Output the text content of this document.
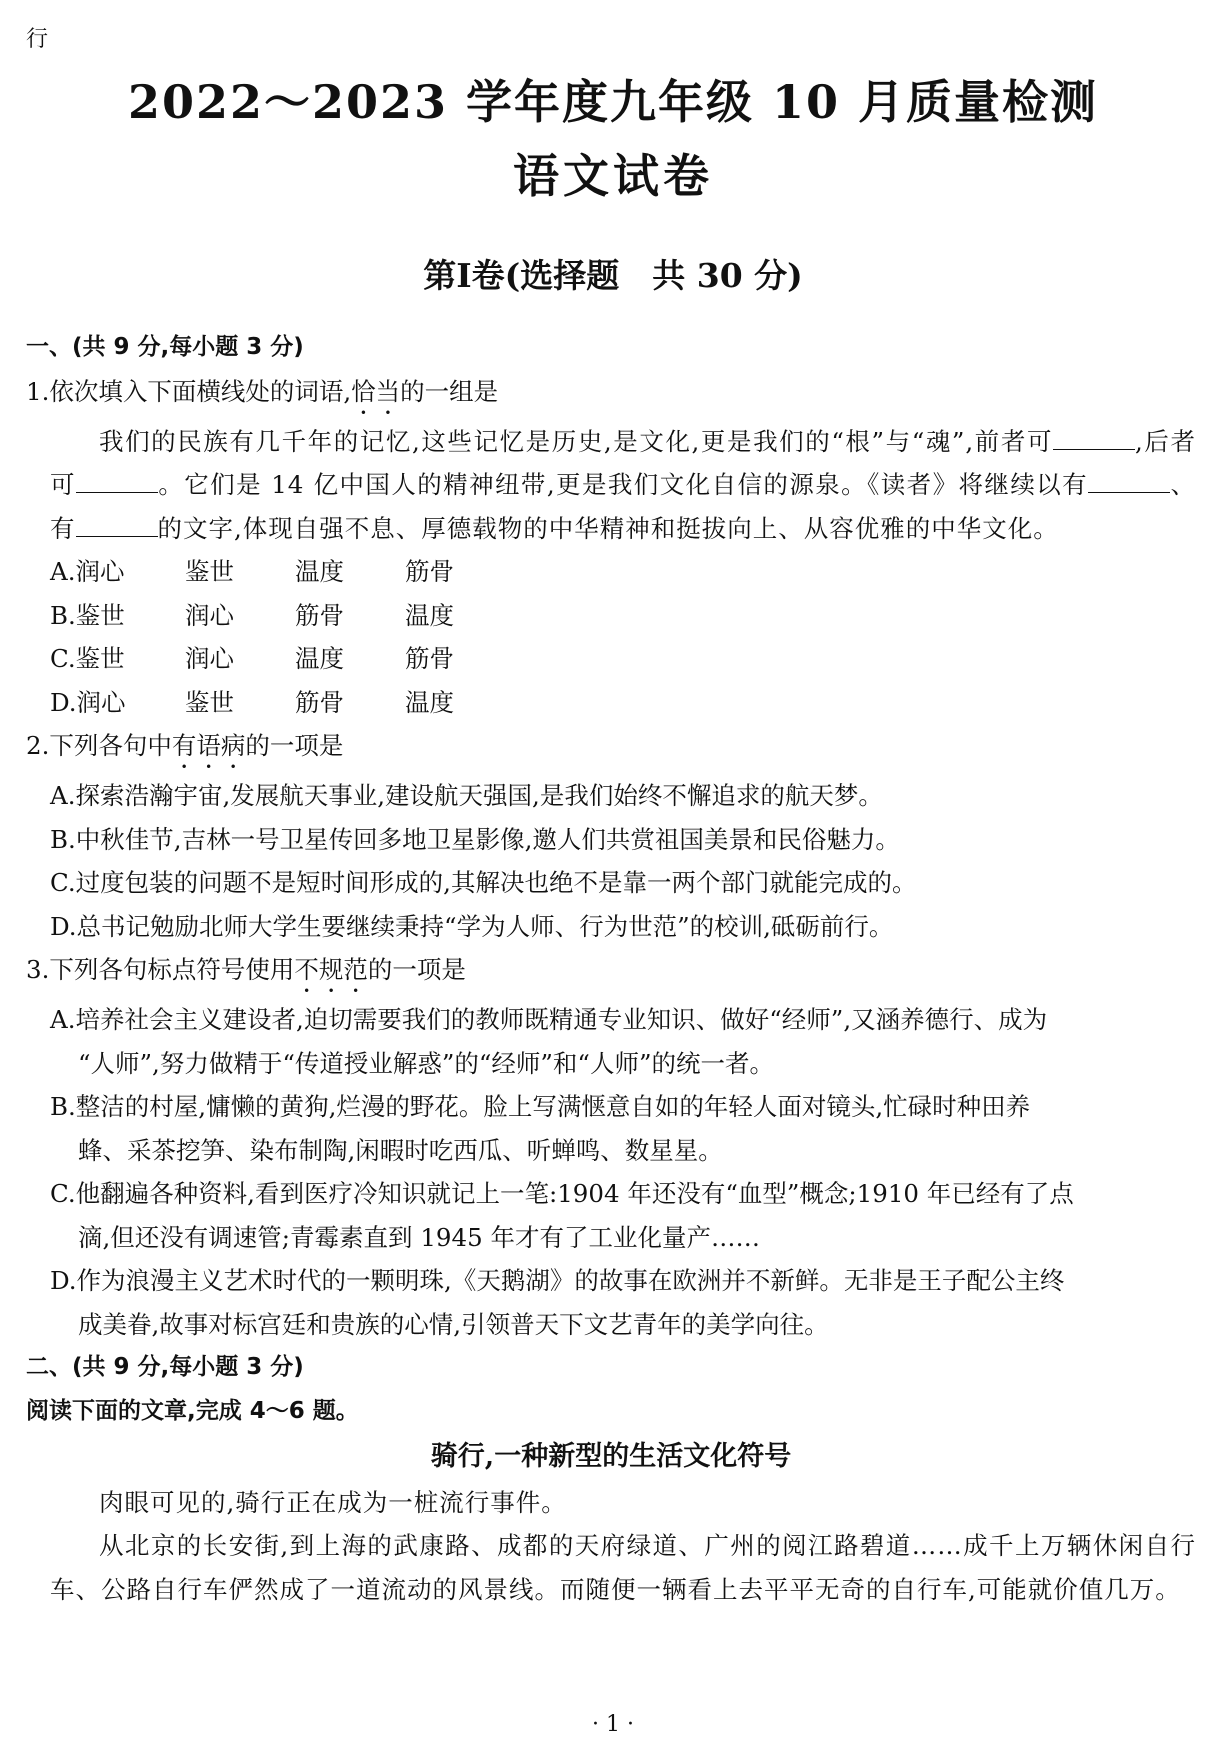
行
2022～2023 学年度九年级 10 月质量检测
语文试卷
第Ⅰ卷(选择题　共 30 分)
一、(共 9 分,每小题 3 分)
1.依次填入下面横线处的词语,恰当的一组是
我们的民族有几千年的记忆,这些记忆是历史,是文化,更是我们的“根”与“魂”,前者可	,后者可	。它们是 14 亿中国人的精神纽带,更是我们文化自信的源泉。《读者》将继续以有	、有	的文字,体现自强不息、厚德载物的中华精神和挺拔向上、从容优雅的中华文化。
A.润心	鉴世	温度	筋骨
B.鉴世	润心	筋骨	温度
C.鉴世	润心	温度	筋骨
D.润心	鉴世	筋骨	温度
2.下列各句中有语病的一项是
A.探索浩瀚宇宙,发展航天事业,建设航天强国,是我们始终不懈追求的航天梦。
B.中秋佳节,吉林一号卫星传回多地卫星影像,邀人们共赏祖国美景和民俗魅力。
C.过度包装的问题不是短时间形成的,其解决也绝不是靠一两个部门就能完成的。
D.总书记勉励北师大学生要继续秉持“学为人师、行为世范”的校训,砥砺前行。
3.下列各句标点符号使用不规范的一项是
A.培养社会主义建设者,迫切需要我们的教师既精通专业知识、做好“经师”,又涵养德行、成为
“人师”,努力做精于“传道授业解惑”的“经师”和“人师”的统一者。
B.整洁的村屋,慵懒的黄狗,烂漫的野花。脸上写满惬意自如的年轻人面对镜头,忙碌时种田养
蜂、采茶挖笋、染布制陶,闲暇时吃西瓜、听蝉鸣、数星星。
C.他翻遍各种资料,看到医疗冷知识就记上一笔:1904 年还没有“血型”概念;1910 年已经有了点
滴,但还没有调速管;青霉素直到 1945 年才有了工业化量产……
D.作为浪漫主义艺术时代的一颗明珠,《天鹅湖》的故事在欧洲并不新鲜。无非是王子配公主终
成美眷,故事对标宫廷和贵族的心情,引领普天下文艺青年的美学向往。
二、(共 9 分,每小题 3 分)
阅读下面的文章,完成 4～6 题。
骑行,一种新型的生活文化符号
肉眼可见的,骑行正在成为一桩流行事件。
从北京的长安街,到上海的武康路、成都的天府绿道、广州的阅江路碧道……成千上万辆休闲自行车、公路自行车俨然成了一道流动的风景线。而随便一辆看上去平平无奇的自行车,可能就价值几万。
· 1 ·
